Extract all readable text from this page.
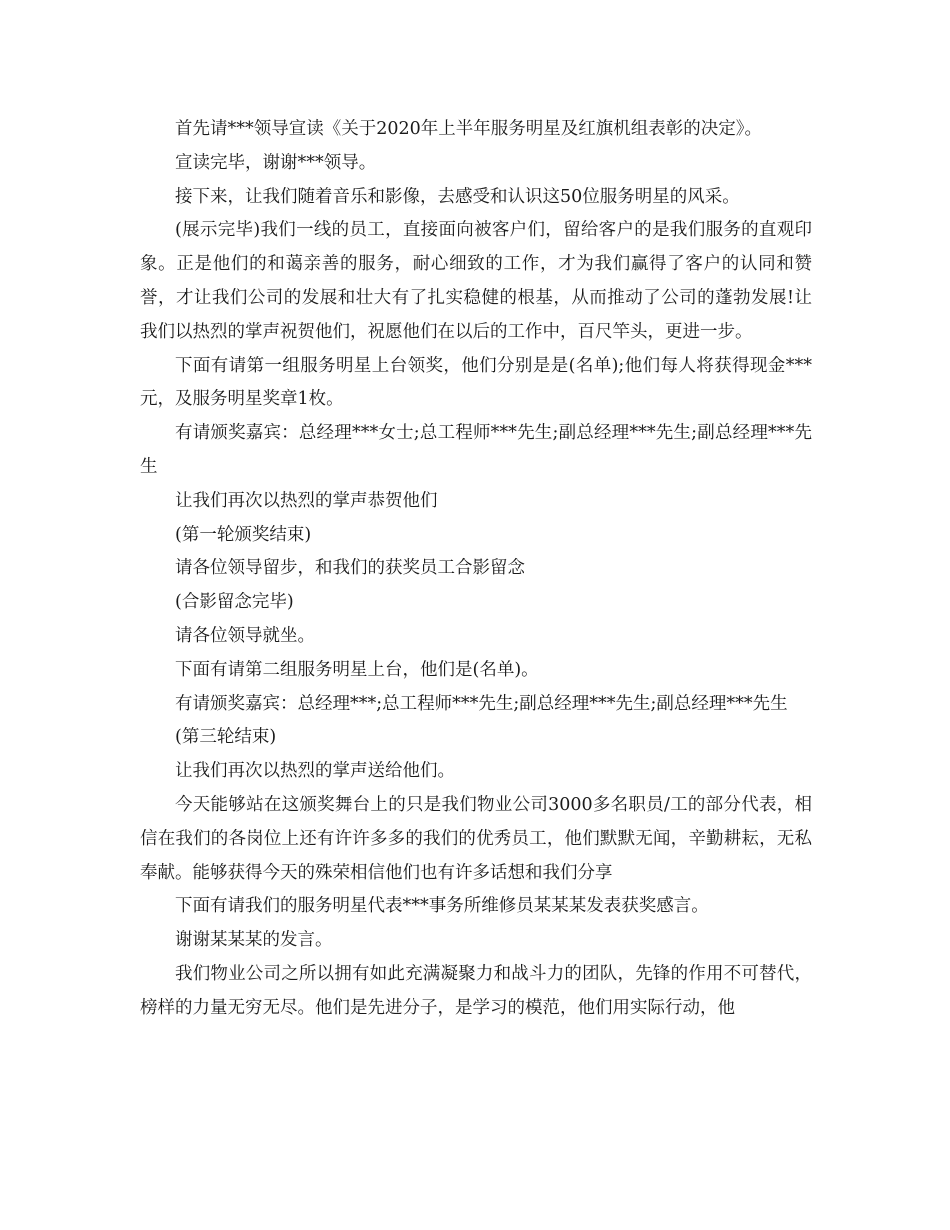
首先请***领导宣读《关于2020年上半年服务明星及红旗机组表彰的决定》。

宣读完毕，谢谢***领导。

接下来，让我们随着音乐和影像，去感受和认识这50位服务明星的风采。

(展示完毕)我们一线的员工，直接面向被客户们，留给客户的是我们服务的直观印象。正是他们的和蔼亲善的服务，耐心细致的工作，才为我们赢得了客户的认同和赞誉，才让我们公司的发展和壮大有了扎实稳健的根基，从而推动了公司的蓬勃发展!让我们以热烈的掌声祝贺他们，祝愿他们在以后的工作中，百尺竿头，更进一步。

下面有请第一组服务明星上台领奖，他们分别是是(名单);他们每人将获得现金***元，及服务明星奖章1枚。

有请颁奖嘉宾：总经理***女士;总工程师***先生;副总经理***先生;副总经理***先生

让我们再次以热烈的掌声恭贺他们

(第一轮颁奖结束)

请各位领导留步，和我们的获奖员工合影留念

(合影留念完毕)

请各位领导就坐。

下面有请第二组服务明星上台，他们是(名单)。

有请颁奖嘉宾：总经理***;总工程师***先生;副总经理***先生;副总经理***先生

(第三轮结束)

让我们再次以热烈的掌声送给他们。

今天能够站在这颁奖舞台上的只是我们物业公司3000多名职员/工的部分代表，相信在我们的各岗位上还有许许多多的我们的优秀员工，他们默默无闻，辛勤耕耘，无私奉献。能够获得今天的殊荣相信他们也有许多话想和我们分享

下面有请我们的服务明星代表***事务所维修员某某某发表获奖感言。

谢谢某某某的发言。

我们物业公司之所以拥有如此充满凝聚力和战斗力的团队，先锋的作用不可替代，榜样的力量无穷无尽。他们是先进分子，是学习的模范，他们用实际行动，他
